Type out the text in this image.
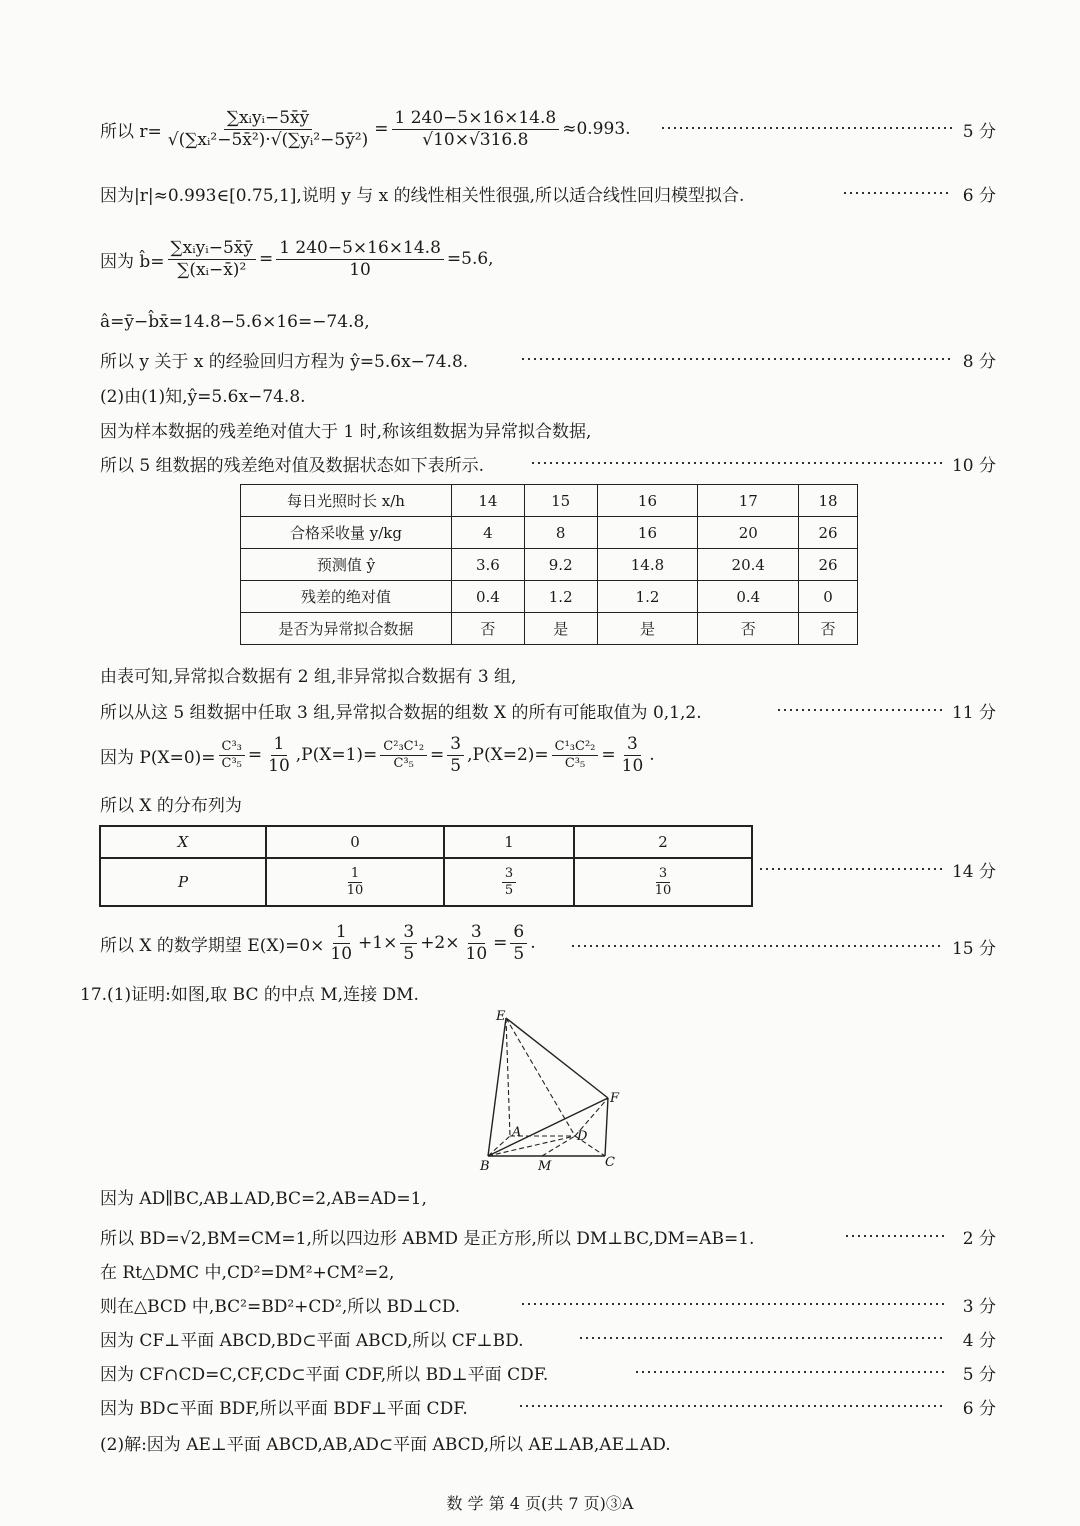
所以 $r= \frac{\text{∑xᵢyᵢ−5x̄ȳ}}{\text{√(∑xᵢ²−5x̄²)·√(∑yᵢ²−5ȳ²)}} = \frac{1 240-5\times 16\times 14.8}{√10\times√316.8} \approx 0.993$.	5 分
因为|r|≈0.993∈[0.75,1],说明 y 与 x 的线性相关性很强,所以适合线性回归模型拟合.	6 分
因为 b̂= $\frac{\text{∑xᵢyᵢ−5x̄ȳ}}{\text{∑(xᵢ−x̄)²}} = \frac{1 240-5\times 16\times 14.8}{10} =5.6$,
â=ȳ−b̂x̄=14.8−5.6×16=−74.8,
所以 y 关于 x 的经验回归方程为 ŷ=5.6x−74.8.	8 分
(2)由(1)知,ŷ=5.6x−74.8.
因为样本数据的残差绝对值大于 1 时,称该组数据为异常拟合数据,
所以 5 组数据的残差绝对值及数据状态如下表所示.	10 分
每日光照时长 x/h	14	15	16	17	18
合格采收量 y/kg	4	8	16	20	26
预测值 ŷ	3.6	9.2	14.8	20.4	26
残差的绝对值	0.4	1.2	1.2	0.4	0
是否为异常拟合数据	否	是	是	否	否
由表可知,异常拟合数据有 2 组,非异常拟合数据有 3 组,
所以从这 5 组数据中任取 3 组,异常拟合数据的组数 X 的所有可能取值为 0,1,2.	11 分
因为 $P(X=0)= \frac{\text{C³₃}}{\text{C³₅}} = \frac{1}{10} ,P(X=1)= \frac{\text{C²₃C¹₂}}{\text{C³₅}} = \frac{3}{5} ,P(X=2)= \frac{\text{C¹₃C²₂}}{\text{C³₅}} = \frac{3}{10}$ .
所以 X 的分布列为
X	0	1	2
P	$\frac{1}{10}$	$\frac{3}{5}$	$\frac{3}{10}$	14 分
所以 X 的数学期望 $E(X)=0\times \frac{1}{10} +1\times \frac{3}{5} +2\times \frac{3}{10} = \frac{6}{5}$ .	15 分
17.(1)证明:如图,取 BC 的中点 M,连接 DM.
E
F
A	D
B	M	C
因为 AD∥BC,AB⊥AD,BC=2,AB=AD=1,
所以 BD=√2,BM=CM=1,所以四边形 ABMD 是正方形,所以 DM⊥BC,DM=AB=1.	2 分
在 Rt△DMC 中,CD²=DM²+CM²=2,
则在△BCD 中,BC²=BD²+CD²,所以 BD⊥CD.	3 分
因为 CF⊥平面 ABCD,BD⊂平面 ABCD,所以 CF⊥BD.	4 分
因为 CF∩CD=C,CF,CD⊂平面 CDF,所以 BD⊥平面 CDF.	5 分
因为 BD⊂平面 BDF,所以平面 BDF⊥平面 CDF.	6 分
(2)解:因为 AE⊥平面 ABCD,AB,AD⊂平面 ABCD,所以 AE⊥AB,AE⊥AD.
数 学 第 4 页(共 7 页)③A
